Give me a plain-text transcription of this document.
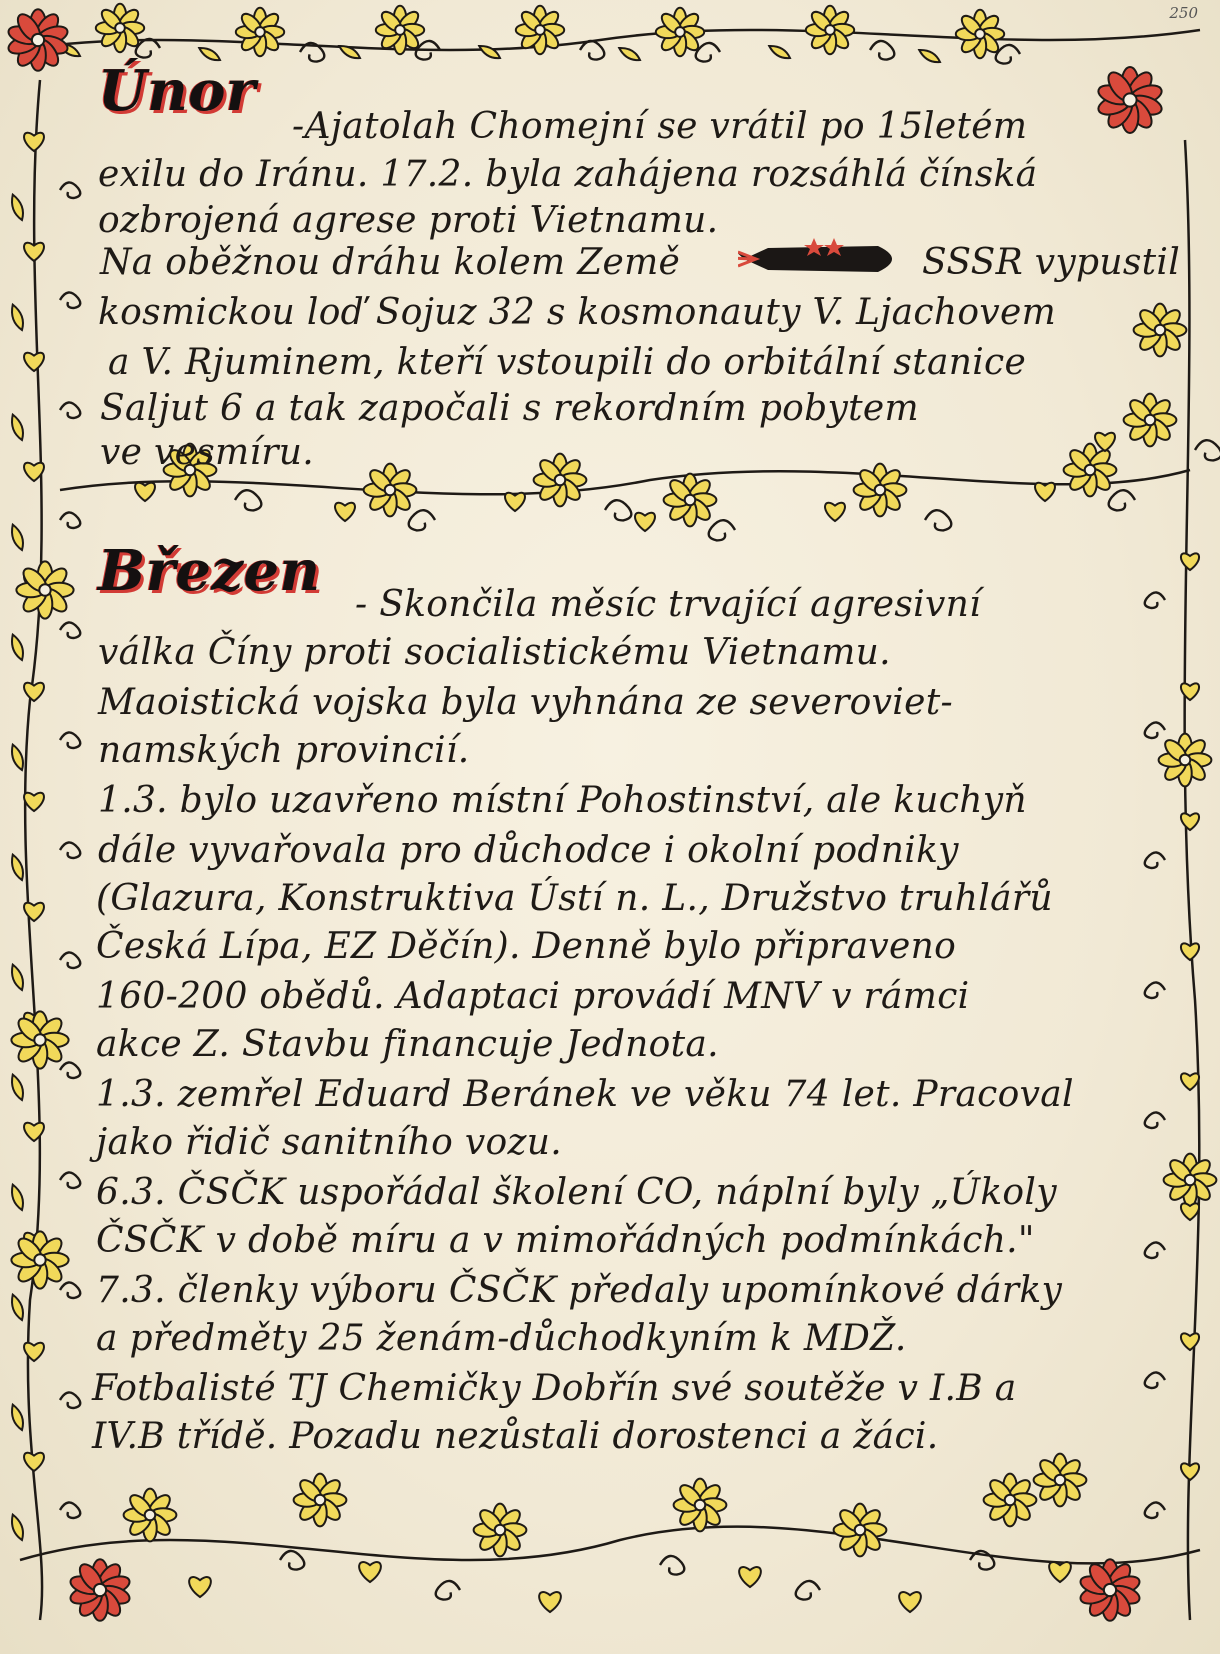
250
Únor
-Ajatolah Chomejní se vrátil po 15letém
exilu do Iránu. 17.2. byla zahájena rozsáhlá čínská
ozbrojená agrese proti Vietnamu.
Na oběžnou dráhu kolem Země	SSSR vypustil
kosmickou loď Sojuz 32 s kosmonauty V. Ljachovem
a V. Rjuminem, kteří vstoupili do orbitální stanice
Saljut 6 a tak započali s rekordním pobytem
ve vesmíru.
Březen
- Skončila měsíc trvající agresivní
válka Číny proti socialistickému Vietnamu.
Maoistická vojska byla vyhnána ze severoviet-
namských provincií.
1.3. bylo uzavřeno místní Pohostinství, ale kuchyň
dále vyvařovala pro důchodce i okolní podniky
(Glazura, Konstruktiva Ústí n. L., Družstvo truhlářů
Česká Lípa, EZ Děčín). Denně bylo připraveno
160-200 obědů. Adaptaci provádí MNV v rámci
akce Z. Stavbu financuje Jednota.
1.3. zemřel Eduard Beránek ve věku 74 let. Pracoval
jako řidič sanitního vozu.
6.3. ČSČK uspořádal školení CO, náplní byly „Úkoly
ČSČK v době míru a v mimořádných podmínkách."
7.3. členky výboru ČSČK předaly upomínkové dárky
a předměty 25 ženám-důchodkyním k MDŽ.
Fotbalisté TJ Chemičky Dobřín své soutěže v I.B a
IV.B třídě. Pozadu nezůstali dorostenci a žáci.
